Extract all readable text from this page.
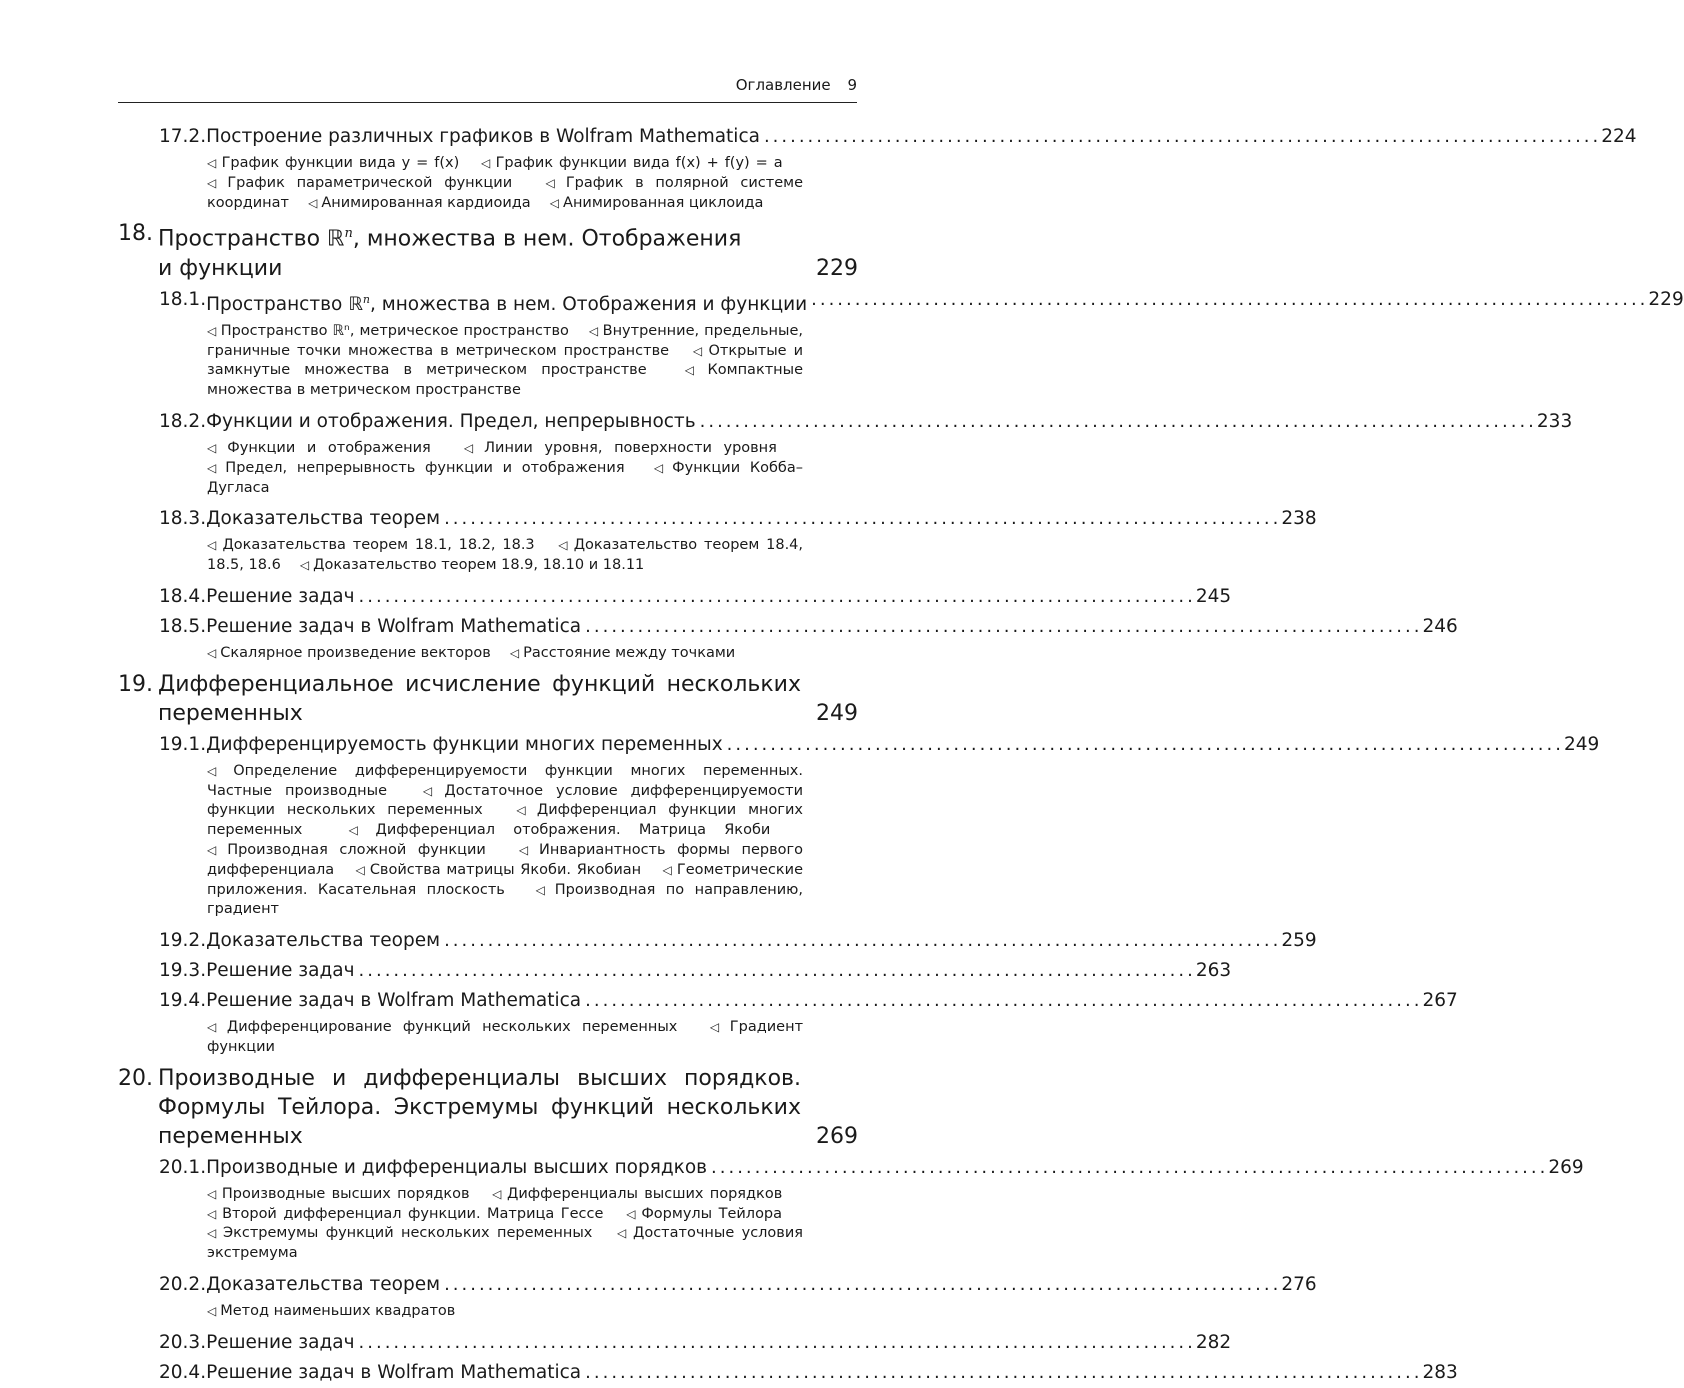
Оглавление 9
17.2. Построение различных графиков в Wolfram Mathematica ................................................................................................ 224
◁ График функции вида y = f(x)   ◁ График функции вида f(x) + f(y) = a  ◁ График параметрической функции   ◁ График в полярной системе координат   ◁ Анимированная кардиоида   ◁ Анимированная циклоида
18. Пространство ℝ$^n$, множества в нем. Отображения
и функции	229
18.1. Пространство ℝ$^n$, множества в нем. Отображения и функции ................................................................................................ 229
◁ Пространство ℝⁿ, метрическое пространство   ◁ Внутренние, предельные, граничные точки множества в метрическом пространстве   ◁ Открытые и замкнутые множества в метрическом пространстве   ◁ Компактные множества в метрическом пространстве
18.2. Функции и отображения. Предел, непрерывность ................................................................................................ 233
◁ Функции и отображения   ◁ Линии уровня, поверхности уровня  ◁ Предел, непрерывность функции и отображения   ◁ Функции Кобба–Дугласа
18.3. Доказательства теорем ................................................................................................ 238
◁ Доказательства теорем 18.1, 18.2, 18.3   ◁ Доказательство теорем 18.4, 18.5, 18.6   ◁ Доказательство теорем 18.9, 18.10 и 18.11
18.4. Решение задач ................................................................................................ 245
18.5. Решение задач в Wolfram Mathematica ................................................................................................ 246
◁ Скалярное произведение векторов   ◁ Расстояние между точками
19. Дифференциальное исчисление функций нескольких
переменных	249
19.1. Дифференцируемость функции многих переменных ................................................................................................ 249
◁ Определение дифференцируемости функции многих переменных. Частные производные   ◁ Достаточное условие дифференцируемости функции нескольких переменных   ◁ Дифференциал функции многих переменных  	◁ Дифференциал отображения. Матрица Якоби  ◁ Производная сложной функции   ◁ Инвариантность формы первого дифференциала   ◁ Свойства матрицы Якоби. Якобиан   ◁ Геометрические приложения. Касательная плоскость   ◁ Производная по направлению, градиент
19.2. Доказательства теорем ................................................................................................ 259
19.3. Решение задач ................................................................................................ 263
19.4. Решение задач в Wolfram Mathematica ................................................................................................ 267
◁ Дифференцирование функций нескольких переменных   ◁ Градиент функции
20. Производные и дифференциалы высших порядков.
Формулы Тейлора. Экстремумы функций нескольких
переменных	269
20.1. Производные и дифференциалы высших порядков ................................................................................................ 269
◁ Производные высших порядков   ◁ Дифференциалы высших порядков  ◁ Второй дифференциал функции. Матрица Гессе   ◁ Формулы Тейлора  ◁ Экстремумы функций нескольких переменных   ◁ Достаточные условия экстремума
20.2. Доказательства теорем ................................................................................................ 276
◁ Метод наименьших квадратов
20.3. Решение задач ................................................................................................ 282
20.4. Решение задач в Wolfram Mathematica ................................................................................................ 283
